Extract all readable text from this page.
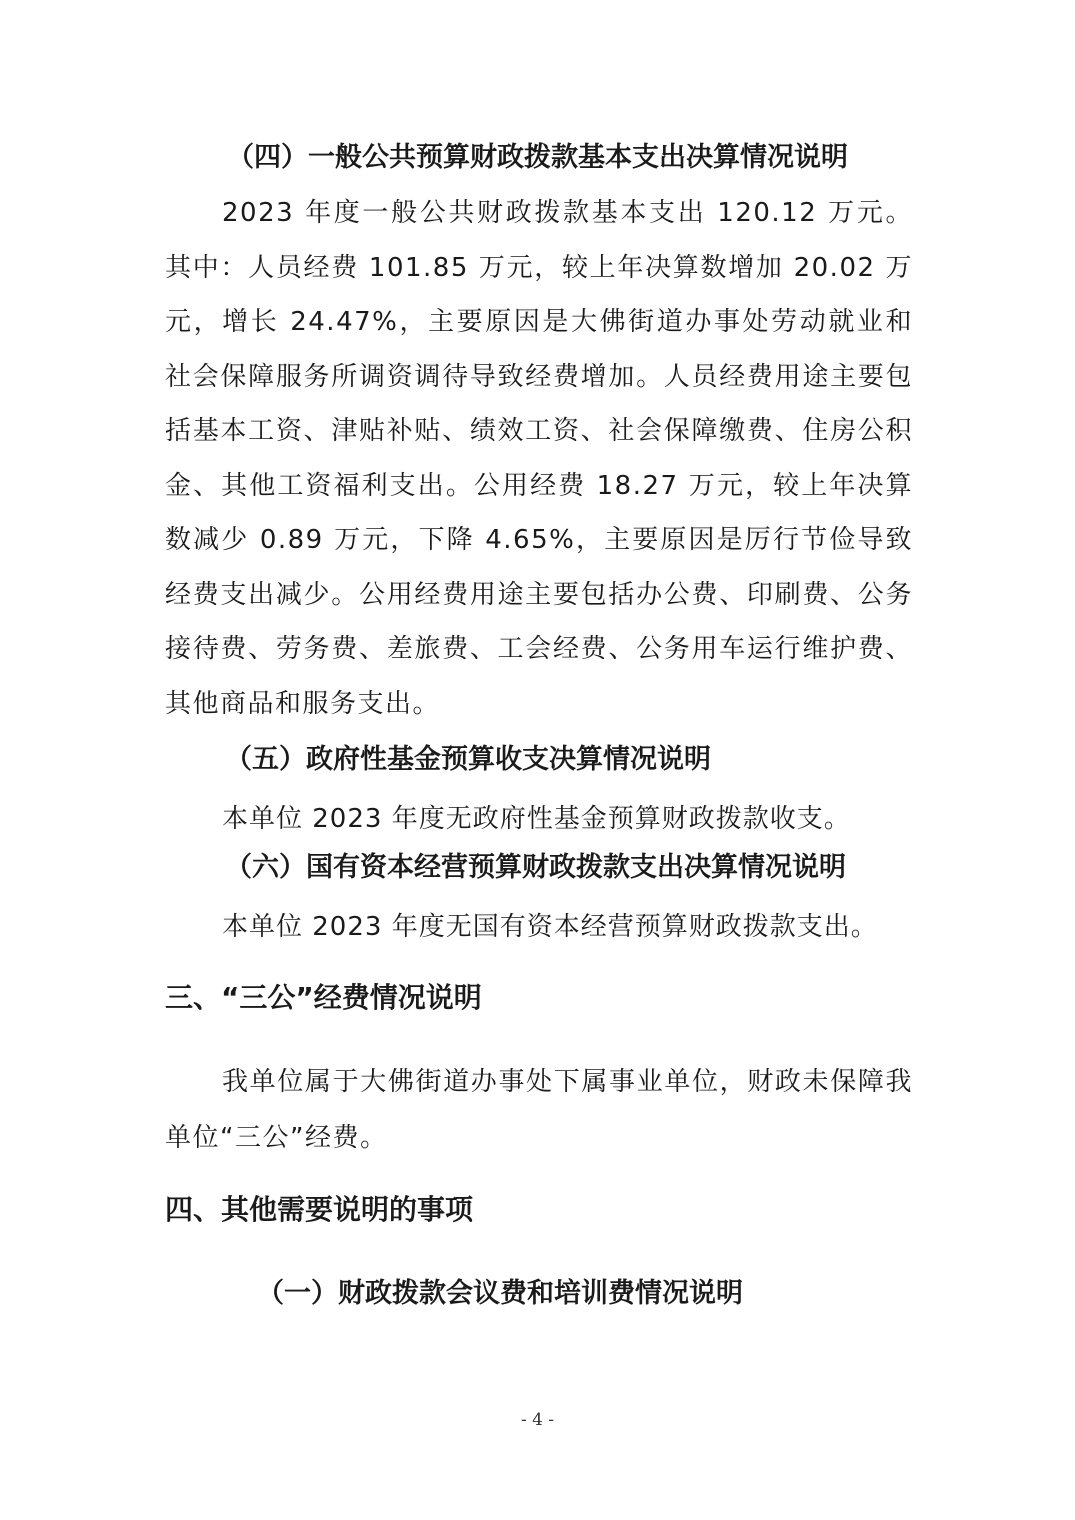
（四）一般公共预算财政拨款基本支出决算情况说明

2023 年度一般公共财政拨款基本支出 120.12 万元。其中：人员经费 101.85 万元，较上年决算数增加 20.02 万元，增长 24.47%，主要原因是大佛街道办事处劳动就业和社会保障服务所调资调待导致经费增加。人员经费用途主要包括基本工资、津贴补贴、绩效工资、社会保障缴费、住房公积金、其他工资福利支出。公用经费 18.27 万元，较上年决算数减少 0.89 万元，下降 4.65%，主要原因是厉行节俭导致经费支出减少。公用经费用途主要包括办公费、印刷费、公务接待费、劳务费、差旅费、工会经费、公务用车运行维护费、其他商品和服务支出。

（五）政府性基金预算收支决算情况说明

本单位 2023 年度无政府性基金预算财政拨款收支。

（六）国有资本经营预算财政拨款支出决算情况说明

本单位 2023 年度无国有资本经营预算财政拨款支出。

三、“三公”经费情况说明

我单位属于大佛街道办事处下属事业单位，财政未保障我单位“三公”经费。

四、其他需要说明的事项
（一）财政拨款会议费和培训费情况说明
- 4 -
